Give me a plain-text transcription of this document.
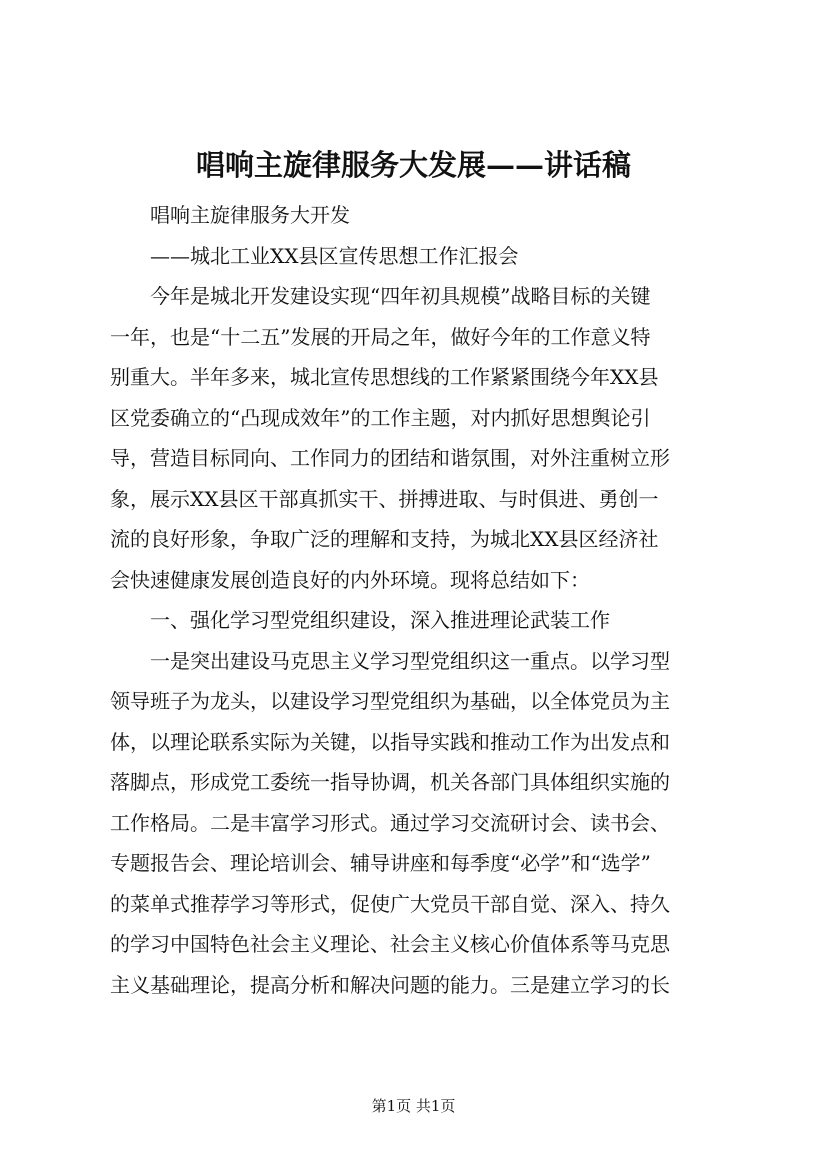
唱响主旋律服务大发展——讲话稿
唱响主旋律服务大开发
——城北工业XX县区宣传思想工作汇报会
今年是城北开发建设实现“四年初具规模”战略目标的关键
一年，也是“十二五”发展的开局之年，做好今年的工作意义特
别重大。半年多来，城北宣传思想线的工作紧紧围绕今年XX县
区党委确立的“凸现成效年”的工作主题，对内抓好思想舆论引
导，营造目标同向、工作同力的团结和谐氛围，对外注重树立形
象，展示XX县区干部真抓实干、拼搏进取、与时俱进、勇创一
流的良好形象，争取广泛的理解和支持，为城北XX县区经济社
会快速健康发展创造良好的内外环境。现将总结如下：
一、强化学习型党组织建设，深入推进理论武装工作
一是突出建设马克思主义学习型党组织这一重点。以学习型
领导班子为龙头，以建设学习型党组织为基础，以全体党员为主
体，以理论联系实际为关键，以指导实践和推动工作为出发点和
落脚点，形成党工委统一指导协调，机关各部门具体组织实施的
工作格局。二是丰富学习形式。通过学习交流研讨会、读书会、
专题报告会、理论培训会、辅导讲座和每季度“必学”和“选学”
的菜单式推荐学习等形式，促使广大党员干部自觉、深入、持久
的学习中国特色社会主义理论、社会主义核心价值体系等马克思
主义基础理论，提高分析和解决问题的能力。三是建立学习的长
第1页 共1页
